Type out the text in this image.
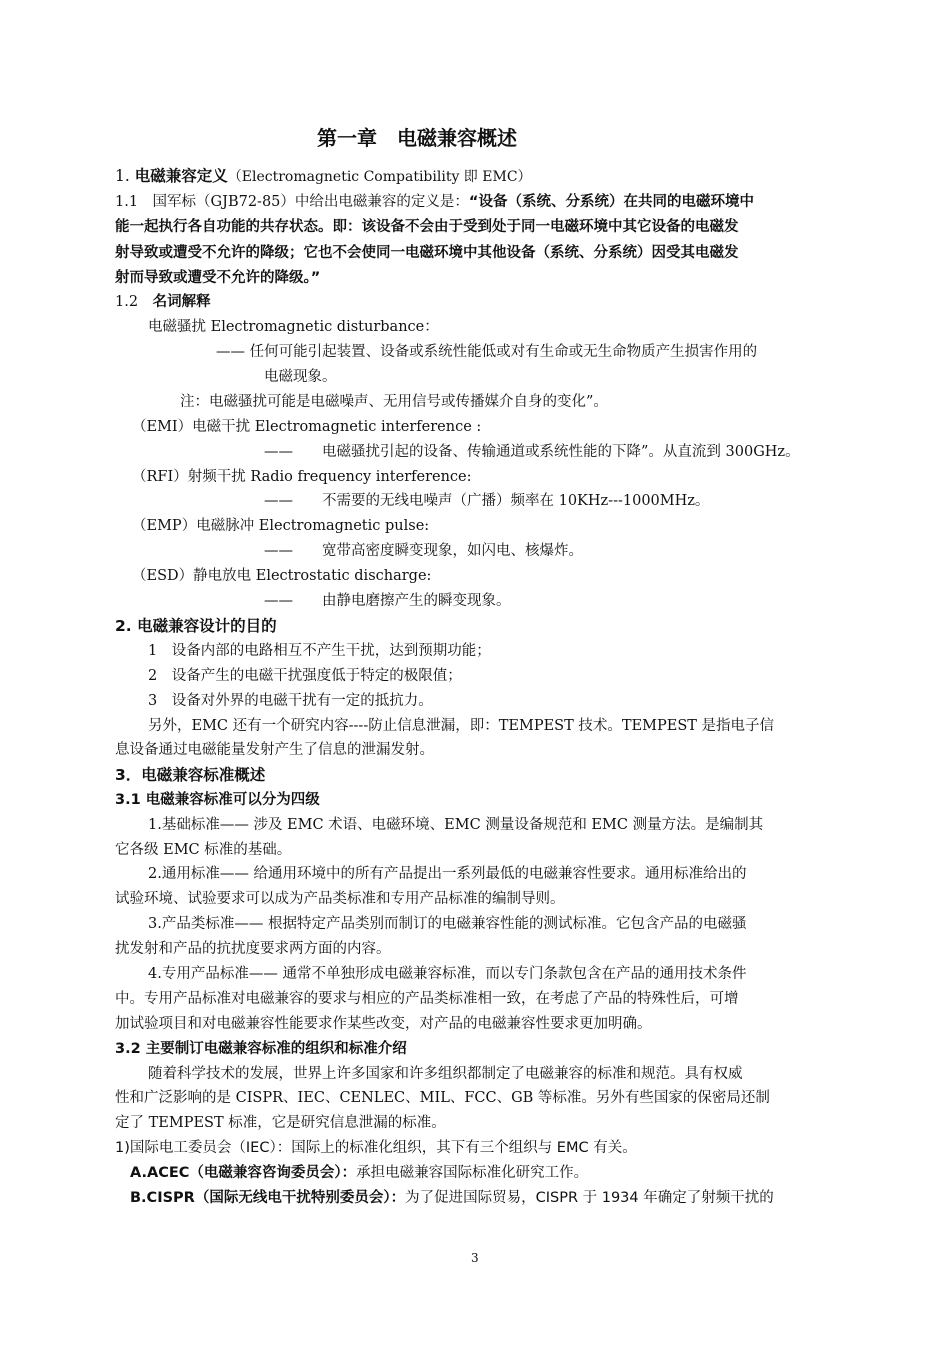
第一章　电磁兼容概述
1. 电磁兼容定义（Electromagnetic Compatibility 即 EMC）
1.1　国军标（GJB72-85）中给出电磁兼容的定义是：“设备（系统、分系统）在共同的电磁环境中
能一起执行各自功能的共存状态。即：该设备不会由于受到处于同一电磁环境中其它设备的电磁发
射导致或遭受不允许的降级；它也不会使同一电磁环境中其他设备（系统、分系统）因受其电磁发
射而导致或遭受不允许的降级。”
1.2 名词解释
电磁骚扰 Electromagnetic disturbance：
—— 任何可能引起装置、设备或系统性能低或对有生命或无生命物质产生损害作用的
电磁现象。
注：电磁骚扰可能是电磁噪声、无用信号或传播媒介自身的变化”。
（EMI）电磁干扰 Electromagnetic interference :
——　　电磁骚扰引起的设备、传输通道或系统性能的下降”。从直流到 300GHz。
（RFI）射频干扰 Radio frequency interference:
——　　不需要的无线电噪声（广播）频率在 10KHz---1000MHz。
（EMP）电磁脉冲 Electromagnetic pulse:
——　　宽带高密度瞬变现象，如闪电、核爆炸。
（ESD）静电放电 Electrostatic discharge:
——　　由静电磨擦产生的瞬变现象。
2. 电磁兼容设计的目的
1　设备内部的电路相互不产生干扰，达到预期功能；
2　设备产生的电磁干扰强度低于特定的极限值；
3　设备对外界的电磁干扰有一定的抵抗力。
另外，EMC 还有一个研究内容----防止信息泄漏，即：TEMPEST 技术。TEMPEST 是指电子信
息设备通过电磁能量发射产生了信息的泄漏发射。
3．电磁兼容标准概述
3.1 电磁兼容标准可以分为四级
1.基础标准—— 涉及 EMC 术语、电磁环境、EMC 测量设备规范和 EMC 测量方法。是编制其
它各级 EMC 标准的基础。
2.通用标准—— 给通用环境中的所有产品提出一系列最低的电磁兼容性要求。通用标准给出的
试验环境、试验要求可以成为产品类标准和专用产品标准的编制导则。
3.产品类标准—— 根据特定产品类别而制订的电磁兼容性能的测试标准。它包含产品的电磁骚
扰发射和产品的抗扰度要求两方面的内容。
4.专用产品标准—— 通常不单独形成电磁兼容标准，而以专门条款包含在产品的通用技术条件
中。专用产品标准对电磁兼容的要求与相应的产品类标准相一致，在考虑了产品的特殊性后，可增
加试验项目和对电磁兼容性能要求作某些改变，对产品的电磁兼容性要求更加明确。
3.2 主要制订电磁兼容标准的组织和标准介绍
随着科学技术的发展，世界上许多国家和许多组织都制定了电磁兼容的标准和规范。具有权威
性和广泛影响的是 CISPR、IEC、CENLEC、MIL、FCC、GB 等标准。另外有些国家的保密局还制
定了 TEMPEST 标准，它是研究信息泄漏的标准。
1)国际电工委员会（IEC）：国际上的标准化组织，其下有三个组织与 EMC 有关。
A.ACEC（电磁兼容咨询委员会）：承担电磁兼容国际标准化研究工作。
B.CISPR（国际无线电干扰特别委员会）：为了促进国际贸易，CISPR 于 1934 年确定了射频干扰的
3
